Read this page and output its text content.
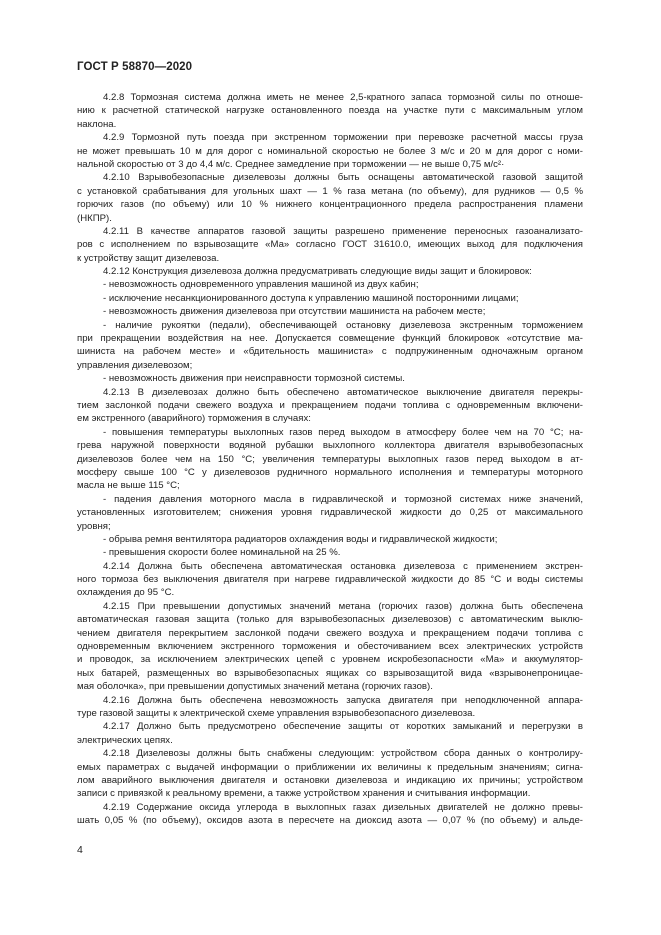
ГОСТ Р 58870—2020
4.2.8 Тормозная система должна иметь не менее 2,5-кратного запаса тормозной силы по отноше-
нию к расчетной статической нагрузке остановленного поезда на участке пути с максимальным углом
наклона.
4.2.9 Тормозной путь поезда при экстренном торможении при перевозке расчетной массы груза
не может превышать 10 м для дорог с номинальной скоростью не более 3 м/с и 20 м для дорог с номи-
нальной скоростью от 3 до 4,4 м/с. Среднее замедление при торможении — не выше 0,75 м/с²·
4.2.10 Взрывобезопасные дизелевозы должны быть оснащены автоматической газовой защитой
с установкой срабатывания для угольных шахт — 1 % газа метана (по объему), для рудников — 0,5 %
горючих газов (по объему) или 10 % нижнего концентрационного предела распространения пламени
(НКПР).
4.2.11 В качестве аппаратов газовой защиты разрешено применение переносных газоанализато-
ров с исполнением по взрывозащите «Ма» согласно ГОСТ 31610.0, имеющих выход для подключения
к устройству защит дизелевоза.
4.2.12 Конструкция дизелевоза должна предусматривать следующие виды защит и блокировок:
- невозможность одновременного управления машиной из двух кабин;
- исключение несанкционированного доступа к управлению машиной посторонними лицами;
- невозможность движения дизелевоза при отсутствии машиниста на рабочем месте;
- наличие рукоятки (педали), обеспечивающей остановку дизелевоза экстренным торможением
при прекращении воздействия на нее. Допускается совмещение функций блокировок «отсутствие ма-
шиниста на рабочем месте» и «бдительность машиниста» с подпружиненным одночажным органом
управления дизелевозом;
- невозможность движения при неисправности тормозной системы.
4.2.13 В дизелевозах должно быть обеспечено автоматическое выключение двигателя перекры-
тием заслонкой подачи свежего воздуха и прекращением подачи топлива с одновременным включени-
ем экстренного (аварийного) торможения в случаях:
- повышения температуры выхлопных газов перед выходом в атмосферу более чем на 70 °С; на-
грева наружной поверхности водяной рубашки выхлопного коллектора двигателя взрывобезопасных
дизелевозов более чем на 150 °С; увеличения температуры выхлопных газов перед выходом в ат-
мосферу свыше 100 °С у дизелевозов рудничного нормального исполнения и температуры моторного
масла не выше 115 °С;
- падения давления моторного масла в гидравлической и тормозной системах ниже значений,
установленных изготовителем; снижения уровня гидравлической жидкости до 0,25 от максимального
уровня;
- обрыва ремня вентилятора радиаторов охлаждения воды и гидравлической жидкости;
- превышения скорости более номинальной на 25 %.
4.2.14 Должна быть обеспечена автоматическая остановка дизелевоза с применением экстрен-
ного тормоза без выключения двигателя при нагреве гидравлической жидкости до 85 °С и воды системы
охлаждения до 95 °С.
4.2.15 При превышении допустимых значений метана (горючих газов) должна быть обеспечена
автоматическая газовая защита (только для взрывобезопасных дизелевозов) с автоматическим выклю-
чением двигателя перекрытием заслонкой подачи свежего воздуха и прекращением подачи топлива с
одновременным включением экстренного торможения и обесточиванием всех электрических устройств
и проводок, за исключением электрических цепей с уровнем искробезопасности «Ма» и аккумулятор-
ных батарей, размещенных во взрывобезопасных ящиках со взрывозащитой вида «взрывонепроницае-
мая оболочка», при превышении допустимых значений метана (горючих газов).
4.2.16 Должна быть обеспечена невозможность запуска двигателя при неподключенной аппара-
туре газовой защиты к электрической схеме управления взрывобезопасного дизелевоза.
4.2.17 Должно быть предусмотрено обеспечение защиты от коротких замыканий и перегрузки в
электрических цепях.
4.2.18 Дизелевозы должны быть снабжены следующим: устройством сбора данных о контролиру-
емых параметрах с выдачей информации о приближении их величины к предельным значениям; сигна-
лом аварийного выключения двигателя и остановки дизелевоза и индикацию их причины; устройством
записи с привязкой к реальному времени, а также устройством хранения и считывания информации.
4.2.19 Содержание оксида углерода в выхлопных газах дизельных двигателей не должно превы-
шать 0,05 % (по объему), оксидов азота в пересчете на диоксид азота — 0,07 % (по объему) и альде-
4
